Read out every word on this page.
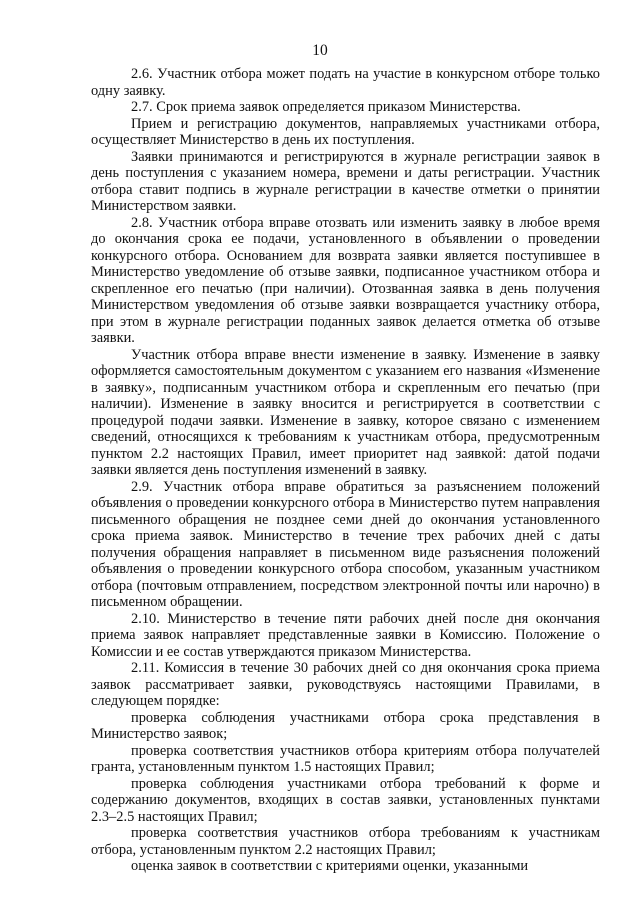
10

2.6. Участник отбора может подать на участие в конкурсном отборе только одну заявку.

2.7. Срок приема заявок определяется приказом Министерства.

Прием и регистрацию документов, направляемых участниками отбора, осуществляет Министерство в день их поступления.

Заявки принимаются и регистрируются в журнале регистрации заявок в день поступления с указанием номера, времени и даты регистрации. Участник отбора ставит подпись в журнале регистрации в качестве отметки о принятии Министерством заявки.

2.8. Участник отбора вправе отозвать или изменить заявку в любое время до окончания срока ее подачи, установленного в объявлении о проведении конкурсного отбора. Основанием для возврата заявки является поступившее в Министерство уведомление об отзыве заявки, подписанное участником отбора и скрепленное его печатью (при наличии). Отозванная заявка в день получения Министерством уведомления об отзыве заявки возвращается участнику отбора, при этом в журнале регистрации поданных заявок делается отметка об отзыве заявки.

Участник отбора вправе внести изменение в заявку. Изменение в заявку оформляется самостоятельным документом с указанием его названия «Изменение в заявку», подписанным участником отбора и скрепленным его печатью (при наличии). Изменение в заявку вносится и регистрируется в соответствии с процедурой подачи заявки. Изменение в заявку, которое связано с изменением сведений, относящихся к требованиям к участникам отбора, предусмотренным пунктом 2.2 настоящих Правил, имеет приоритет над заявкой: датой подачи заявки является день поступления изменений в заявку.

2.9. Участник отбора вправе обратиться за разъяснением положений объявления о проведении конкурсного отбора в Министерство путем направления письменного обращения не позднее семи дней до окончания установленного срока приема заявок. Министерство в течение трех рабочих дней с даты получения обращения направляет в письменном виде разъяснения положений объявления о проведении конкурсного отбора способом, указанным участником отбора (почтовым отправлением, посредством электронной почты или нарочно) в письменном обращении.

2.10. Министерство в течение пяти рабочих дней после дня окончания приема заявок направляет представленные заявки в Комиссию. Положение о Комиссии и ее состав утверждаются приказом Министерства.

2.11. Комиссия в течение 30 рабочих дней со дня окончания срока приема заявок рассматривает заявки, руководствуясь настоящими Правилами, в следующем порядке:

проверка соблюдения участниками отбора срока представления в Министерство заявок;

проверка соответствия участников отбора критериям отбора получателей гранта, установленным пунктом 1.5 настоящих Правил;

проверка соблюдения участниками отбора требований к форме и содержанию документов, входящих в состав заявки, установленных пунктами 2.3–2.5 настоящих Правил;

проверка соответствия участников отбора требованиям к участникам отбора, установленным пунктом 2.2 настоящих Правил;

оценка заявок в соответствии с критериями оценки, указанными
